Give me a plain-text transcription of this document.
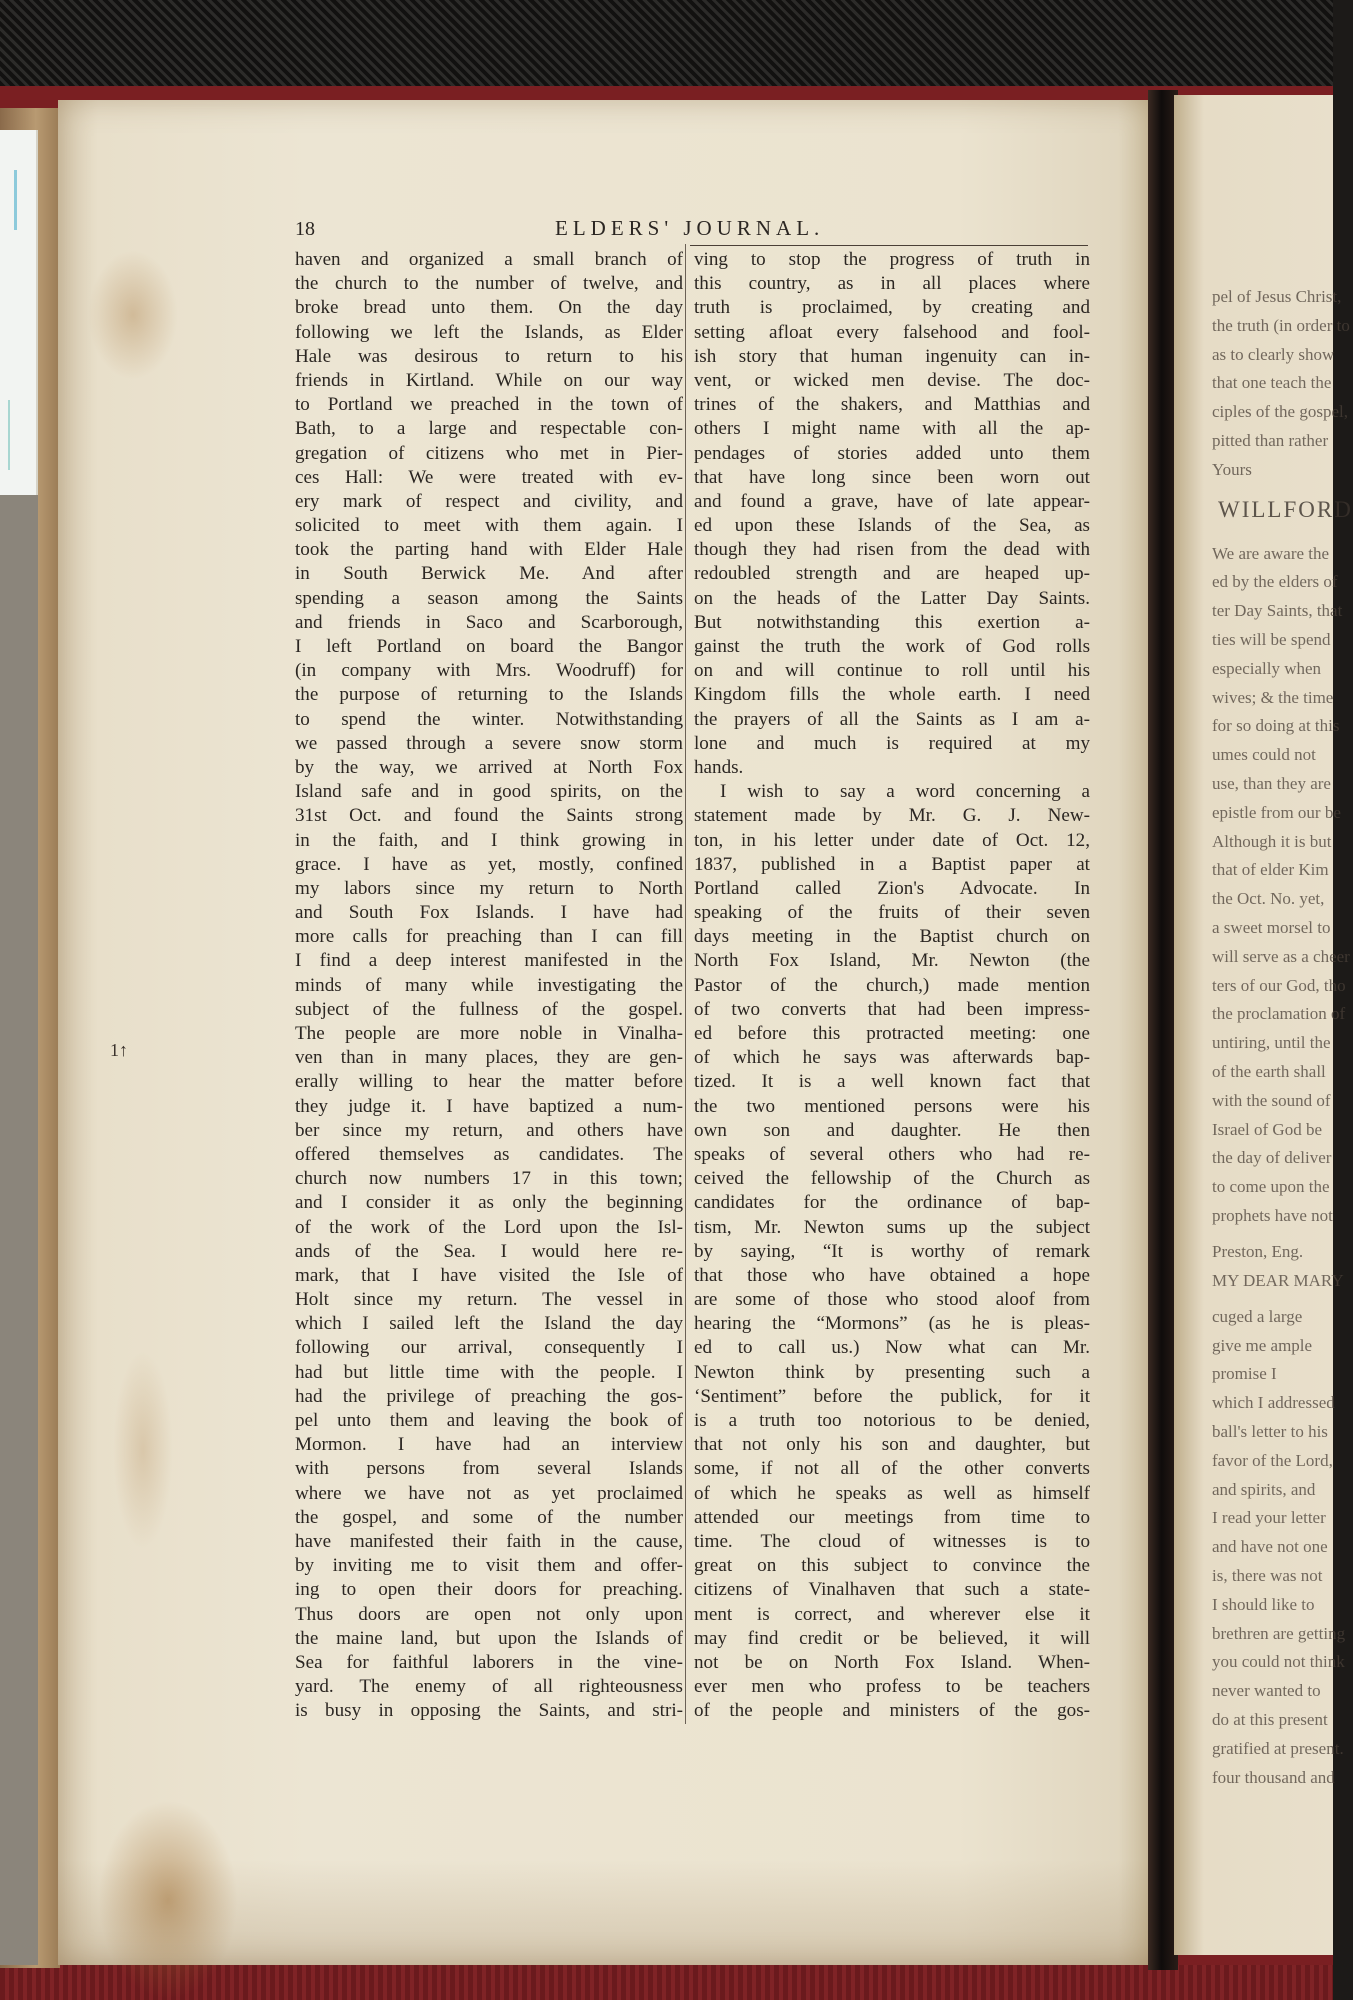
pel of Jesus Christ,
the truth (in order to
as to clearly show
that one teach the
ciples of the gospel,
pitted than rather
Yours
WILLFORD
We are aware the
ed by the elders of
ter Day Saints, that
ties will be spend
especially when
wives; & the time
for so doing at this
umes could not
use, than they are
epistle from our be
Although it is but
that of elder Kim
the Oct. No. yet,
a sweet morsel to
will serve as a cheer
ters of our God, tho
the proclamation of
untiring, until the
of the earth shall
with the sound of
Israel of God be
the day of deliver
to come upon the
prophets have not
Preston, Eng.
MY DEAR MARY
cuged a large
give me ample
promise I
which I addressed
ball's letter to his
favor of the Lord,
and spirits, and
I read your letter
and have not one
is, there was not
I should like to
brethren are getting
you could not think
never wanted to
do at this present
gratified at present.
four thousand and
18	ELDERS' JOURNAL.
1↑
haven and organized a small branch of
the church to the number of twelve, and
broke bread unto them. On the day
following we left the Islands, as Elder
Hale was desirous to return to his
friends in Kirtland. While on our way
to Portland we preached in the town of
Bath, to a large and respectable con-
gregation of citizens who met in Pier-
ces Hall: We were treated with ev-
ery mark of respect and civility, and
solicited to meet with them again. I
took the parting hand with Elder Hale
in South Berwick Me. And after
spending a season among the Saints
and friends in Saco and Scarborough,
I left Portland on board the Bangor
(in company with Mrs. Woodruff) for
the purpose of returning to the Islands
to spend the winter. Notwithstanding
we passed through a severe snow storm
by the way, we arrived at North Fox
Island safe and in good spirits, on the
31st Oct. and found the Saints strong
in the faith, and I think growing in
grace. I have as yet, mostly, confined
my labors since my return to North
and South Fox Islands. I have had
more calls for preaching than I can fill
I find a deep interest manifested in the
minds of many while investigating the
subject of the fullness of the gospel.
The people are more noble in Vinalha-
ven than in many places, they are gen-
erally willing to hear the matter before
they judge it. I have baptized a num-
ber since my return, and others have
offered themselves as candidates. The
church now numbers 17 in this town;
and I consider it as only the beginning
of the work of the Lord upon the Isl-
ands of the Sea. I would here re-
mark, that I have visited the Isle of
Holt since my return. The vessel in
which I sailed left the Island the day
following our arrival, consequently I
had but little time with the people. I
had the privilege of preaching the gos-
pel unto them and leaving the book of
Mormon. I have had an interview
with persons from several Islands
where we have not as yet proclaimed
the gospel, and some of the number
have manifested their faith in the cause,
by inviting me to visit them and offer-
ing to open their doors for preaching.
Thus doors are open not only upon
the maine land, but upon the Islands of
Sea for faithful laborers in the vine-
yard. The enemy of all righteousness
is busy in opposing the Saints, and stri-
ving to stop the progress of truth in
this country, as in all places where
truth is proclaimed, by creating and
setting afloat every falsehood and fool-
ish story that human ingenuity can in-
vent, or wicked men devise. The doc-
trines of the shakers, and Matthias and
others I might name with all the ap-
pendages of stories added unto them
that have long since been worn out
and found a grave, have of late appear-
ed upon these Islands of the Sea, as
though they had risen from the dead with
redoubled strength and are heaped up-
on the heads of the Latter Day Saints.
But notwithstanding this exertion a-
gainst the truth the work of God rolls
on and will continue to roll until his
Kingdom fills the whole earth. I need
the prayers of all the Saints as I am a-
lone and much is required at my
hands.
I wish to say a word concerning a
statement made by Mr. G. J. New-
ton, in his letter under date of Oct. 12,
1837, published in a Baptist paper at
Portland called Zion's Advocate. In
speaking of the fruits of their seven
days meeting in the Baptist church on
North Fox Island, Mr. Newton (the
Pastor of the church,) made mention
of two converts that had been impress-
ed before this protracted meeting: one
of which he says was afterwards bap-
tized. It is a well known fact that
the two mentioned persons were his
own son and daughter. He then
speaks of several others who had re-
ceived the fellowship of the Church as
candidates for the ordinance of bap-
tism, Mr. Newton sums up the subject
by saying, “It is worthy of remark
that those who have obtained a hope
are some of those who stood aloof from
hearing the “Mormons” (as he is pleas-
ed to call us.) Now what can Mr.
Newton think by presenting such a
‘Sentiment” before the publick, for it
is a truth too notorious to be denied,
that not only his son and daughter, but
some, if not all of the other converts
of which he speaks as well as himself
attended our meetings from time to
time. The cloud of witnesses is to
great on this subject to convince the
citizens of Vinalhaven that such a state-
ment is correct, and wherever else it
may find credit or be believed, it will
not be on North Fox Island. When-
ever men who profess to be teachers
of the people and ministers of the gos-
